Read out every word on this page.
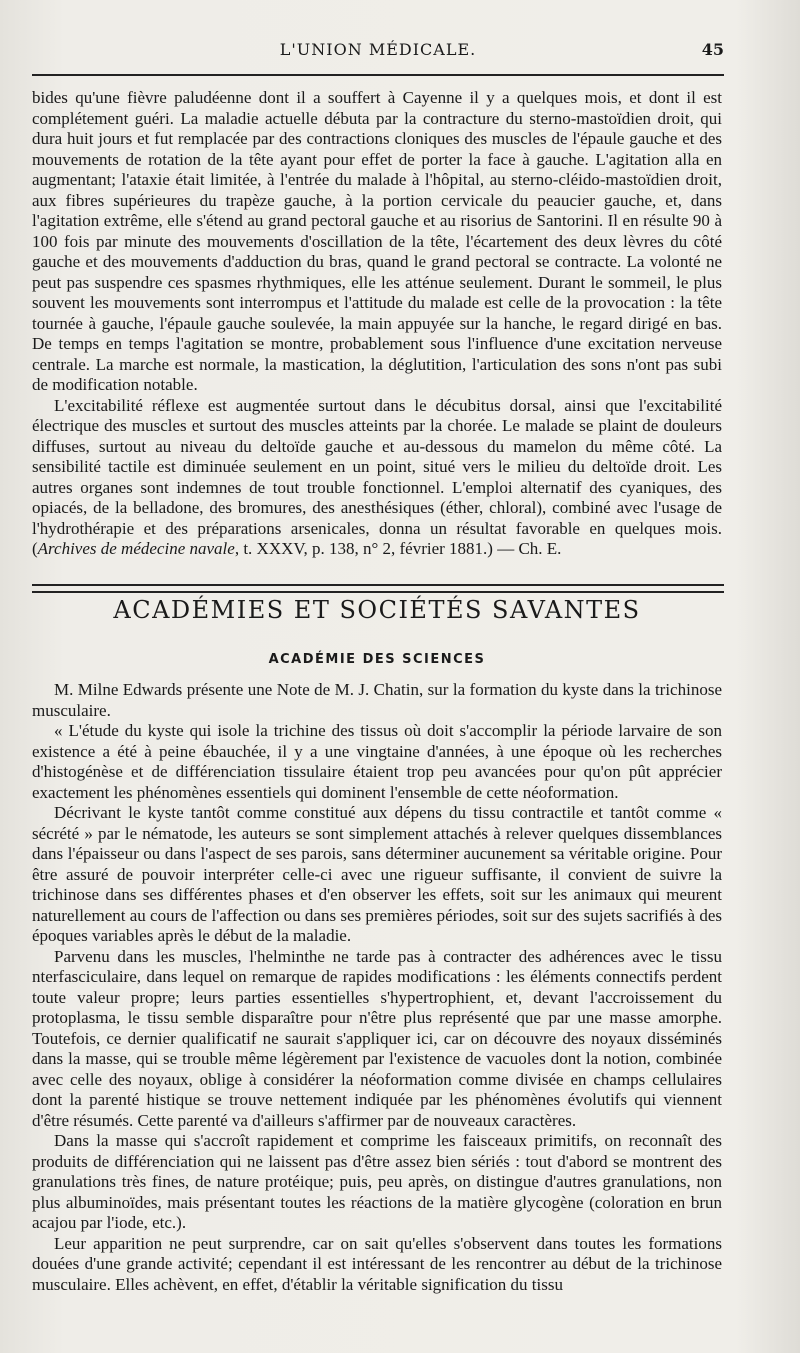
L'UNION MÉDICALE.	45

bides qu'une fièvre paludéenne dont il a souffert à Cayenne il y a quelques mois, et dont il est complétement guéri. La maladie actuelle débuta par la contracture du sterno-mastoïdien droit, qui dura huit jours et fut remplacée par des contractions cloniques des muscles de l'épaule gauche et des mouvements de rotation de la tête ayant pour effet de porter la face à gauche. L'agitation alla en augmentant; l'ataxie était limitée, à l'entrée du malade à l'hôpital, au sterno-cléido-mastoïdien droit, aux fibres supérieures du trapèze gauche, à la portion cervicale du peaucier gauche, et, dans l'agitation extrême, elle s'étend au grand pectoral gauche et au risorius de Santorini. Il en résulte 90 à 100 fois par minute des mouvements d'oscillation de la tête, l'écartement des deux lèvres du côté gauche et des mouvements d'adduction du bras, quand le grand pectoral se contracte. La volonté ne peut pas suspendre ces spasmes rhythmiques, elle les atténue seulement. Durant le sommeil, le plus souvent les mouvements sont interrompus et l'attitude du malade est celle de la provocation : la tête tournée à gauche, l'épaule gauche soulevée, la main appuyée sur la hanche, le regard dirigé en bas. De temps en temps l'agitation se montre, probablement sous l'influence d'une excitation nerveuse centrale. La marche est normale, la mastication, la déglutition, l'articulation des sons n'ont pas subi de modification notable.

L'excitabilité réflexe est augmentée surtout dans le décubitus dorsal, ainsi que l'excitabilité électrique des muscles et surtout des muscles atteints par la chorée. Le malade se plaint de douleurs diffuses, surtout au niveau du deltoïde gauche et au-dessous du mamelon du même côté. La sensibilité tactile est diminuée seulement en un point, situé vers le milieu du deltoïde droit. Les autres organes sont indemnes de tout trouble fonctionnel. L'emploi alternatif des cyaniques, des opiacés, de la belladone, des bromures, des anesthésiques (éther, chloral), combiné avec l'usage de l'hydrothérapie et des préparations arsenicales, donna un résultat favorable en quelques mois. (Archives de médecine navale, t. XXXV, p. 138, n° 2, février 1881.) — Ch. E.

ACADÉMIES ET SOCIÉTÉS SAVANTES
ACADÉMIE DES SCIENCES

M. Milne Edwards présente une Note de M. J. Chatin, sur la formation du kyste dans la trichinose musculaire.

« L'étude du kyste qui isole la trichine des tissus où doit s'accomplir la période larvaire de son existence a été à peine ébauchée, il y a une vingtaine d'années, à une époque où les recherches d'histogénèse et de différenciation tissulaire étaient trop peu avancées pour qu'on pût apprécier exactement les phénomènes essentiels qui dominent l'ensemble de cette néoformation.

Décrivant le kyste tantôt comme constitué aux dépens du tissu contractile et tantôt comme « sécrété » par le nématode, les auteurs se sont simplement attachés à relever quelques dissemblances dans l'épaisseur ou dans l'aspect de ses parois, sans déterminer aucunement sa véritable origine. Pour être assuré de pouvoir interpréter celle-ci avec une rigueur suffisante, il convient de suivre la trichinose dans ses différentes phases et d'en observer les effets, soit sur les animaux qui meurent naturellement au cours de l'affection ou dans ses premières périodes, soit sur des sujets sacrifiés à des époques variables après le début de la maladie.

Parvenu dans les muscles, l'helminthe ne tarde pas à contracter des adhérences avec le tissu nterfasciculaire, dans lequel on remarque de rapides modifications : les éléments connectifs perdent toute valeur propre; leurs parties essentielles s'hypertrophient, et, devant l'accroissement du protoplasma, le tissu semble disparaître pour n'être plus représenté que par une masse amorphe. Toutefois, ce dernier qualificatif ne saurait s'appliquer ici, car on découvre des noyaux disséminés dans la masse, qui se trouble même légèrement par l'existence de vacuoles dont la notion, combinée avec celle des noyaux, oblige à considérer la néoformation comme divisée en champs cellulaires dont la parenté histique se trouve nettement indiquée par les phénomènes évolutifs qui viennent d'être résumés. Cette parenté va d'ailleurs s'affirmer par de nouveaux caractères.

Dans la masse qui s'accroît rapidement et comprime les faisceaux primitifs, on reconnaît des produits de différenciation qui ne laissent pas d'être assez bien sériés : tout d'abord se montrent des granulations très fines, de nature protéique; puis, peu après, on distingue d'autres granulations, non plus albuminoïdes, mais présentant toutes les réactions de la matière glycogène (coloration en brun acajou par l'iode, etc.).

Leur apparition ne peut surprendre, car on sait qu'elles s'observent dans toutes les formations douées d'une grande activité; cependant il est intéressant de les rencontrer au début de la trichinose musculaire. Elles achèvent, en effet, d'établir la véritable signification du tissu
